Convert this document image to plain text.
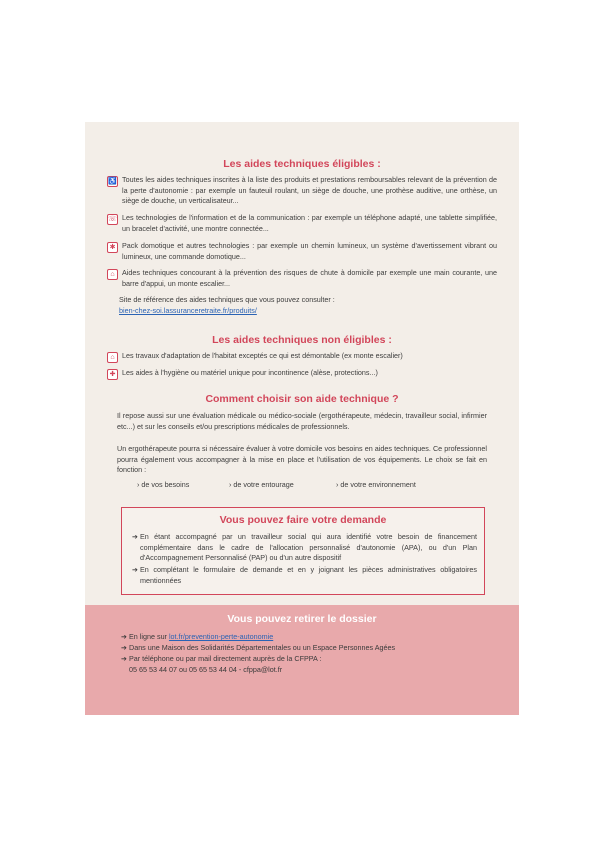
Les aides techniques éligibles :
♿ Toutes les aides techniques inscrites à la liste des produits et prestations remboursables relevant de la prévention de la perte d'autonomie : par exemple un fauteuil roulant, un siège de douche, une prothèse auditive, une orthèse, un siège de douche, un verticalisateur...
☏ Les technologies de l'information et de la communication : par exemple un téléphone adapté, une tablette simplifiée, un bracelet d'activité, une montre connectée...
✱ Pack domotique et autres technologies : par exemple un chemin lumineux, un système d'avertissement vibrant ou lumineux, une commande domotique...
⌂	Aides techniques concourant à la prévention des risques de chute à domicile par exemple une main courante, une barre d'appui, un monte escalier...
Site de référence des aides techniques que vous pouvez consulter :
bien-chez-soi.lassuranceretraite.fr/produits/
Les aides techniques non éligibles :
⌂	Les travaux d'adaptation de l'habitat exceptés ce qui est démontable (ex monte escalier)
✚ Les aides à l'hygiène ou matériel unique pour incontinence (alèse, protections...)
Comment choisir son aide technique ?
Il repose aussi sur une évaluation médicale ou médico-sociale (ergothérapeute, médecin, travailleur social, infirmier etc...) et sur les conseils et/ou prescriptions médicales de professionnels.
Un ergothérapeute pourra si nécessaire évaluer à votre domicile vos besoins en aides techniques. Ce professionnel pourra également vous accompagner à la mise en place et l'utilisation de vos équipements. Le choix se fait en fonction :
› de vos besoins	› de votre entourage	› de votre environnement
Vous pouvez faire votre demande
➔ En étant accompagné par un travailleur social qui aura identifié votre besoin de financement complémentaire dans le cadre de l'allocation personnalisé d'autonomie (APA), ou d'un Plan d'Accompagnement Personnalisé (PAP) ou d'un autre dispositif
➔ En complétant le formulaire de demande et en y joignant les pièces administratives obligatoires mentionnées
Vous pouvez retirer le dossier
➔ En ligne sur lot.fr/prevention-perte-autonomie
➔ Dans une Maison des Solidarités Départementales ou un Espace Personnes Agées
➔ Par téléphone ou par mail directement auprès de la CFPPA :
05 65 53 44 07 ou 05 65 53 44 04 - cfppa@lot.fr
